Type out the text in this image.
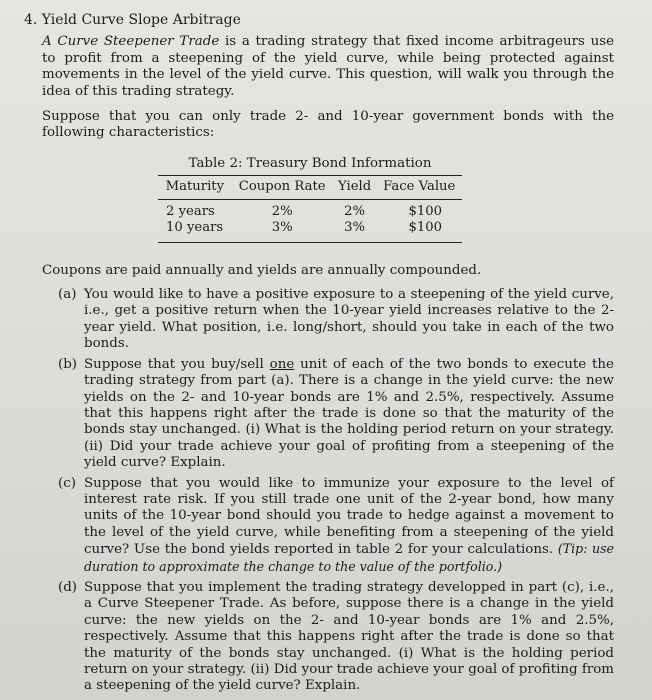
4. Yield Curve Slope Arbitrage

A Curve Steepener Trade is a trading strategy that fixed income arbitrageurs use to profit from a steepening of the yield curve, while being protected against movements in the level of the yield curve. This question, will walk you through the idea of this trading strategy.

Suppose that you can only trade 2- and 10-year government bonds with the following characteristics:

Table 2: Treasury Bond Information
Maturity	Coupon Rate	Yield	Face Value
2 years	2%	2%	$100
10 years	3%	3%	$100

Coupons are paid annually and yields are annually compounded.

(a) You would like to have a positive exposure to a steepening of the yield curve, i.e., get a positive return when the 10-year yield increases relative to the 2-year yield. What position, i.e. long/short, should you take in each of the two bonds.
(b) Suppose that you buy/sell one unit of each of the two bonds to execute the trading strategy from part (a). There is a change in the yield curve: the new yields on the 2- and 10-year bonds are 1% and 2.5%, respectively. Assume that this happens right after the trade is done so that the maturity of the bonds stay unchanged. (i) What is the holding period return on your strategy. (ii) Did your trade achieve your goal of profiting from a steepening of the yield curve? Explain.
(c) Suppose that you would like to immunize your exposure to the level of interest rate risk. If you still trade one unit of the 2-year bond, how many units of the 10-year bond should you trade to hedge against a movement to the level of the yield curve, while benefiting from a steepening of the yield curve? Use the bond yields reported in table 2 for your calculations. (Tip: use duration to approximate the change to the value of the portfolio.)
(d) Suppose that you implement the trading strategy developped in part (c), i.e., a Curve Steepener Trade. As before, suppose there is a change in the yield curve: the new yields on the 2- and 10-year bonds are 1% and 2.5%, respectively. Assume that this happens right after the trade is done so that the maturity of the bonds stay unchanged. (i) What is the holding period return on your strategy. (ii) Did your trade achieve your goal of profiting from a steepening of the yield curve? Explain.
